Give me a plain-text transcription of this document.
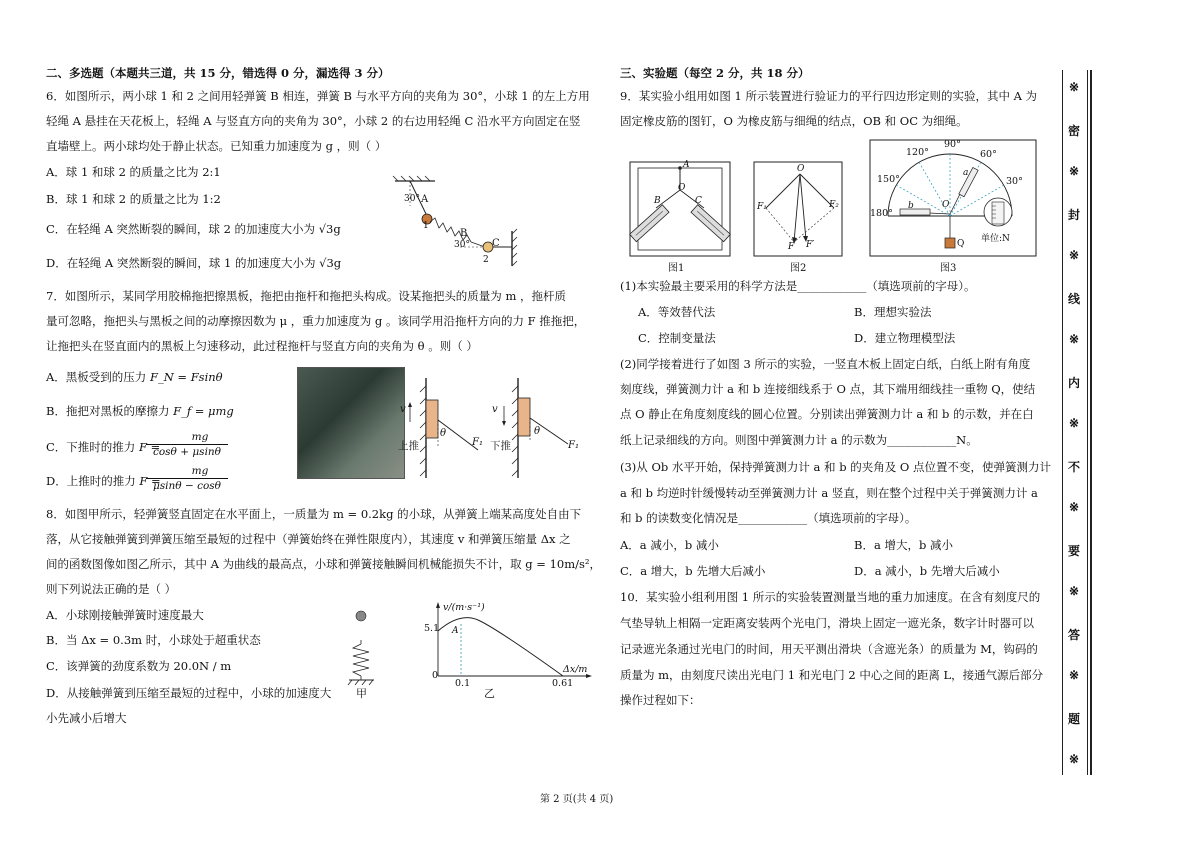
二、多选题（本题共三道，共 15 分，错选得 0 分，漏选得 3 分）
6．如图所示，两小球 1 和 2 之间用轻弹簧 B 相连，弹簧 B 与水平方向的夹角为 30°，小球 1 的左上方用
轻绳 A 悬挂在天花板上，轻绳 A 与竖直方向的夹角为 30°，小球 2 的右边用轻绳 C 沿水平方向固定在竖
直墙壁上。两小球均处于静止状态。已知重力加速度为 g ，则（ ）
A．球 1 和球 2 的质量之比为 2:1
B．球 1 和球 2 的质量之比为 1:2
C．在轻绳 A 突然断裂的瞬间，球 2 的加速度大小为 √3g
D．在轻绳 A 突然断裂的瞬间，球 1 的加速度大小为 √3g
30° A
1
B
30° C
2
7．如图所示，某同学用胶棉拖把擦黑板，拖把由拖杆和拖把头构成。设某拖把头的质量为 m ，拖杆质
量可忽略，拖把头与黑板之间的动摩擦因数为 μ ，重力加速度为 g 。该同学用沿拖杆方向的力 F 推拖把，
让拖把头在竖直面内的黑板上匀速移动，此过程拖杆与竖直方向的夹角为 θ 。则（ ）
A．黑板受到的压力 F_N = Fsinθ
B．拖把对黑板的摩擦力 F_f = μmg
C．下推时的推力 F =
mg
cosθ + μsinθ
D．上推时的推力 F =
mg
μsinθ − cosθ
v
上推
θ
F₁
v
下推
θ
F₁
8．如图甲所示，轻弹簧竖直固定在水平面上，一质量为 m = 0.2kg 的小球，从弹簧上端某高度处自由下
落，从它接触弹簧到弹簧压缩至最短的过程中（弹簧始终在弹性限度内），其速度 v 和弹簧压缩量 Δx 之
间的函数图像如图乙所示，其中 A 为曲线的最高点，小球和弹簧接触瞬间机械能损失不计，取 g = 10m/s²，
则下列说法正确的是（ ）
A．小球刚接触弹簧时速度最大
B．当 Δx = 0.3m 时，小球处于超重状态
C．该弹簧的劲度系数为 20.0N / m
D．从接触弹簧到压缩至最短的过程中，小球的加速度大
小先减小后增大
甲
v/(m·s⁻¹)
5.1 A
Δx/m
0
0.1	0.61
乙
三、实验题（每空 2 分，共 18 分）
9．某实验小组用如图 1 所示装置进行验证力的平行四边形定则的实验，其中 A 为
固定橡皮筋的图钉，O 为橡皮筋与细绳的结点，OB 和 OC 为细绳。
A
O
B	C
图1
O
F₁	F₂
F F′
图2
90°
120°	60°
150°	30°
180°
a
b	O
Q 单位:N
图3
(1)本实验最主要采用的科学方法是____________（填选项前的字母）。
A．等效替代法	B．理想实验法
C．控制变量法	D．建立物理模型法
(2)同学接着进行了如图 3 所示的实验，一竖直木板上固定白纸，白纸上附有角度
刻度线，弹簧测力计 a 和 b 连接细线系于 O 点，其下端用细线挂一重物 Q，使结
点 O 静止在角度刻度线的圆心位置。分别读出弹簧测力计 a 和 b 的示数，并在白
纸上记录细线的方向。则图中弹簧测力计 a 的示数为____________N。
(3)从 Ob 水平开始，保持弹簧测力计 a 和 b 的夹角及 O 点位置不变，使弹簧测力计
a 和 b 均逆时针缓慢转动至弹簧测力计 a 竖直，则在整个过程中关于弹簧测力计 a
和 b 的读数变化情况是____________（填选项前的字母）。
A．a 减小，b 减小	B．a 增大，b 减小
C．a 增大，b 先增大后减小	D．a 减小，b 先增大后减小
10．某实验小组利用图 1 所示的实验装置测量当地的重力加速度。在含有刻度尺的
气垫导轨上相隔一定距离安装两个光电门，滑块上固定一遮光条，数字计时器可以
记录遮光条通过光电门的时间，用天平测出滑块（含遮光条）的质量为 M，钩码的
质量为 m，由刻度尺读出光电门 1 和光电门 2 中心之间的距离 L，接通气源后部分
操作过程如下：
※
密
※
封
※
线
※
内
※
不
※
要
※
答
※
题
※
第 2 页(共 4 页)
